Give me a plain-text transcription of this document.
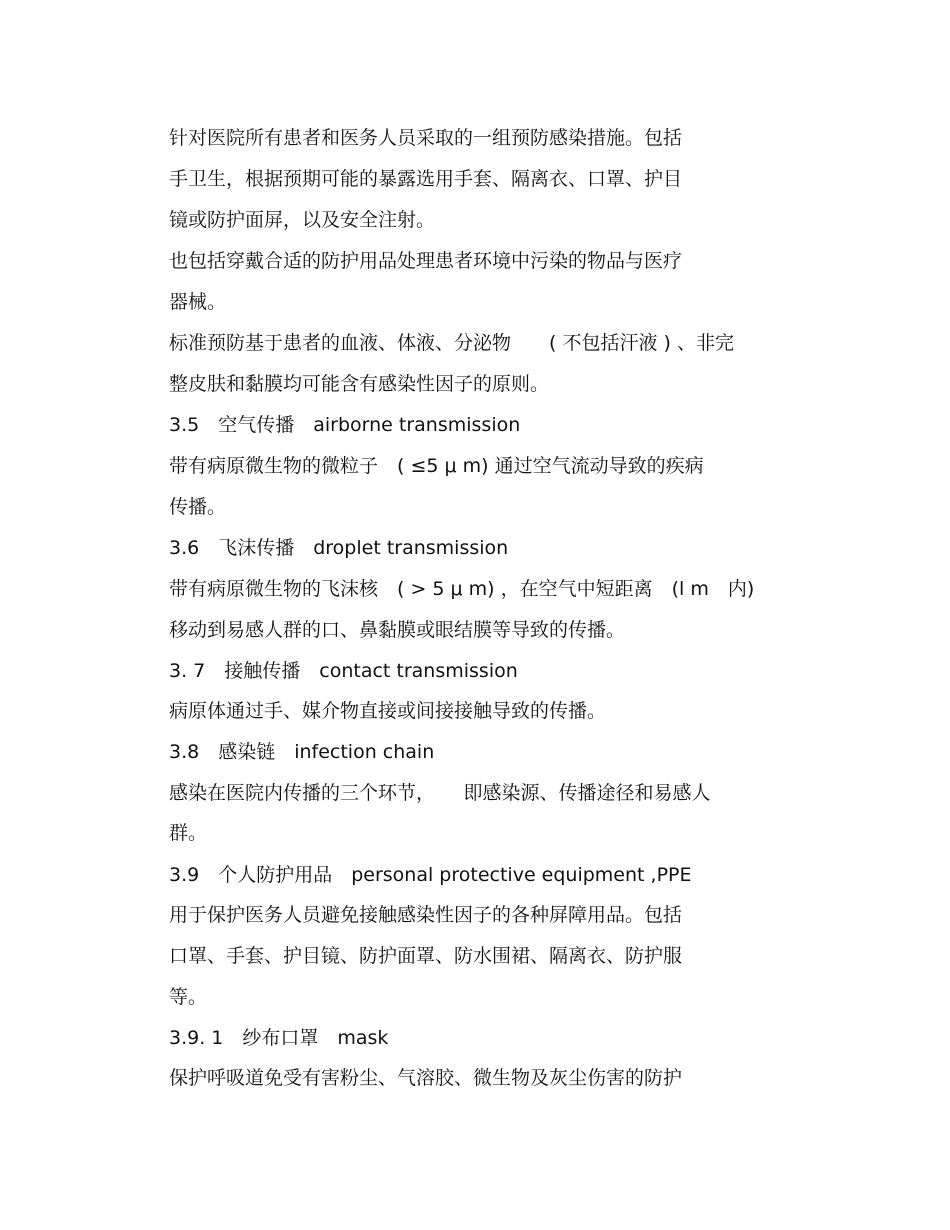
针对医院所有患者和医务人员采取的一组预防感染措施。包括
手卫生，根据预期可能的暴露选用手套、隔离衣、口罩、护目
镜或防护面屏，以及安全注射。
也包括穿戴合适的防护用品处理患者环境中污染的物品与医疗
器械。
标准预防基于患者的血液、体液、分泌物　　( 不包括汗液 ) 、非完
整皮肤和黏膜均可能含有感染性因子的原则。
3.5　空气传播　airborne transmission
带有病原微生物的微粒子　( ≤5 μ m) 通过空气流动导致的疾病
传播。
3.6　飞沫传播　droplet transmission
带有病原微生物的飞沫核　( > 5 μ m) ，在空气中短距离　(l m　内)
移动到易感人群的口、鼻黏膜或眼结膜等导致的传播。
3. 7　接触传播　contact transmission
病原体通过手、媒介物直接或间接接触导致的传播。
3.8　感染链　infection chain
感染在医院内传播的三个环节，　　即感染源、传播途径和易感人
群。
3.9　个人防护用品　personal protective equipment ,PPE
用于保护医务人员避免接触感染性因子的各种屏障用品。包括
口罩、手套、护目镜、防护面罩、防水围裙、隔离衣、防护服
等。
3.9. 1　纱布口罩　mask
保护呼吸道免受有害粉尘、气溶胶、微生物及灰尘伤害的防护
